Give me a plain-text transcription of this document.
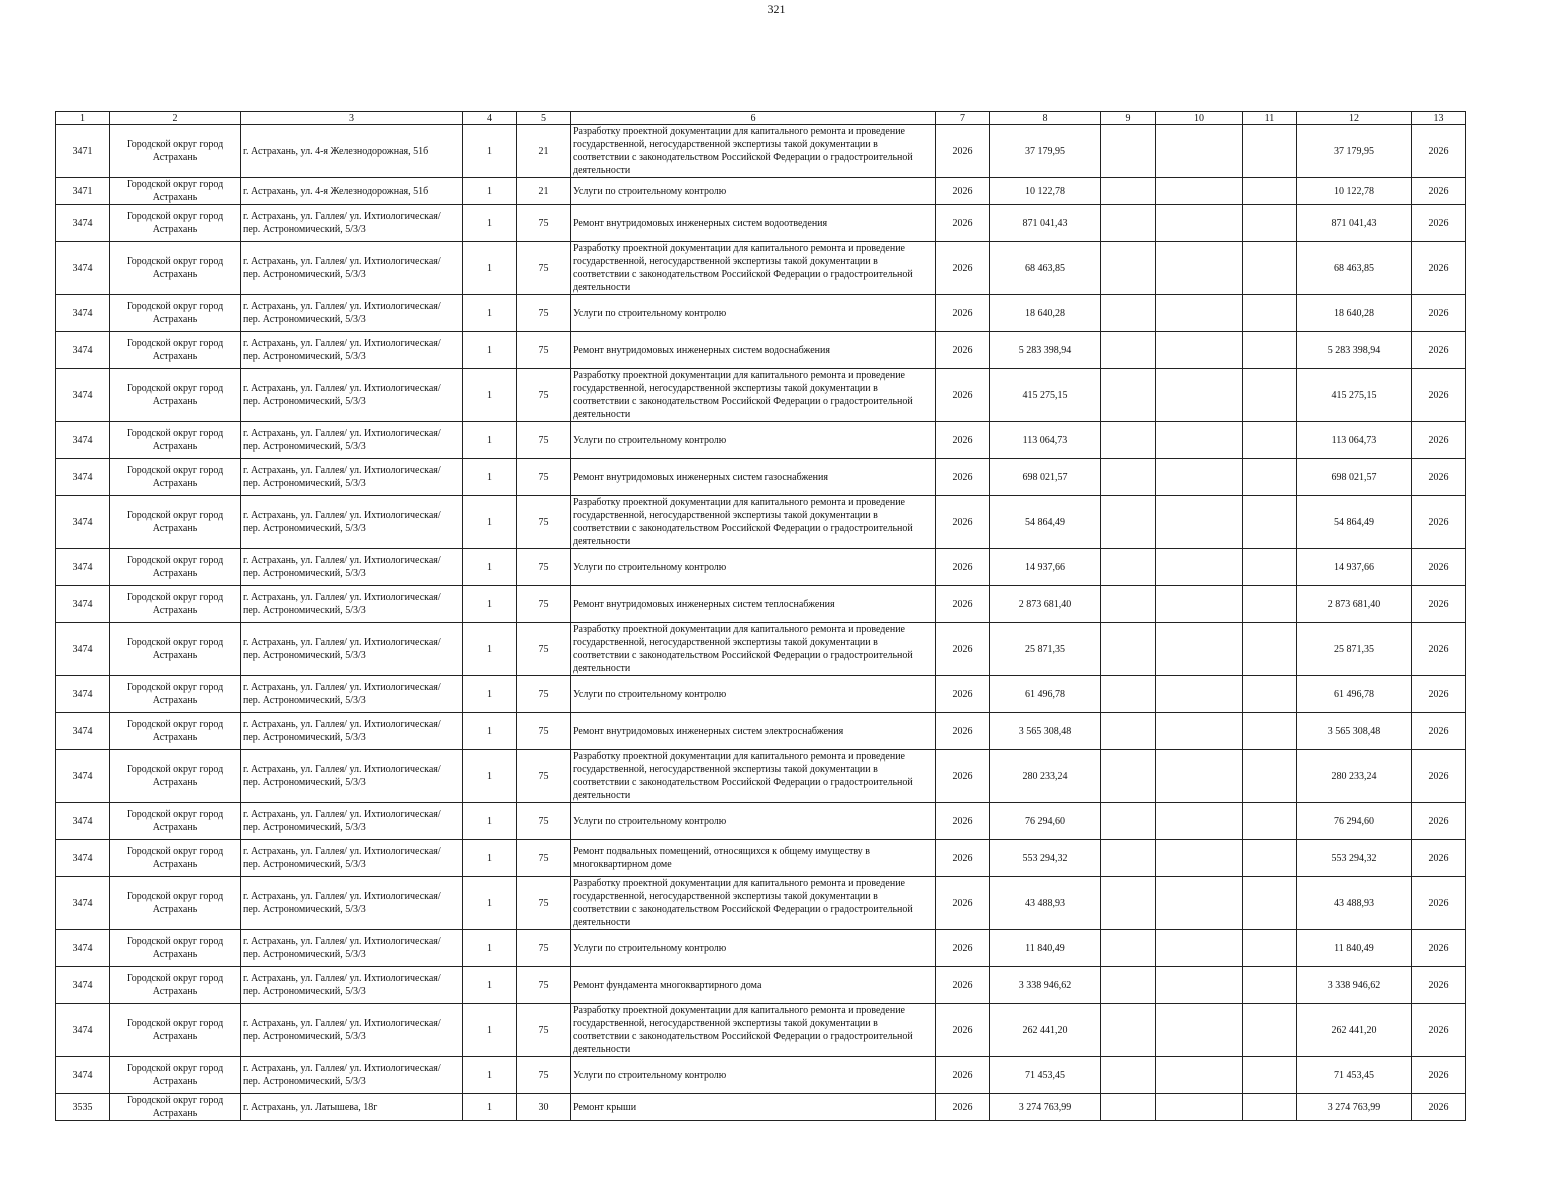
321
1	2	3	4	5	6	7	8	9	10	11	12	13
3471	Городской округ город Астрахань	г. Астрахань, ул. 4-я Железнодорожная, 51б	1	21	Разработку проектной документации для капитального ремонта и проведение государственной, негосударственной экспертизы такой документации в соответствии с законодательством Российской Федерации о градостроительной деятельности	2026	37 179,95				37 179,95	2026
3471	Городской округ город Астрахань	г. Астрахань, ул. 4-я Железнодорожная, 51б	1	21	Услуги по строительному контролю	2026	10 122,78				10 122,78	2026
3474	Городской округ город Астрахань	г. Астрахань, ул. Галлея/ ул. Ихтиологическая/ пер. Астрономический, 5/3/3	1	75	Ремонт внутридомовых инженерных систем водоотведения	2026	871 041,43				871 041,43	2026
3474	Городской округ город Астрахань	г. Астрахань, ул. Галлея/ ул. Ихтиологическая/ пер. Астрономический, 5/3/3	1	75	Разработку проектной документации для капитального ремонта и проведение государственной, негосударственной экспертизы такой документации в соответствии с законодательством Российской Федерации о градостроительной деятельности	2026	68 463,85				68 463,85	2026
3474	Городской округ город Астрахань	г. Астрахань, ул. Галлея/ ул. Ихтиологическая/ пер. Астрономический, 5/3/3	1	75	Услуги по строительному контролю	2026	18 640,28				18 640,28	2026
3474	Городской округ город Астрахань	г. Астрахань, ул. Галлея/ ул. Ихтиологическая/ пер. Астрономический, 5/3/3	1	75	Ремонт внутридомовых инженерных систем водоснабжения	2026	5 283 398,94				5 283 398,94	2026
3474	Городской округ город Астрахань	г. Астрахань, ул. Галлея/ ул. Ихтиологическая/ пер. Астрономический, 5/3/3	1	75	Разработку проектной документации для капитального ремонта и проведение государственной, негосударственной экспертизы такой документации в соответствии с законодательством Российской Федерации о градостроительной деятельности	2026	415 275,15				415 275,15	2026
3474	Городской округ город Астрахань	г. Астрахань, ул. Галлея/ ул. Ихтиологическая/ пер. Астрономический, 5/3/3	1	75	Услуги по строительному контролю	2026	113 064,73				113 064,73	2026
3474	Городской округ город Астрахань	г. Астрахань, ул. Галлея/ ул. Ихтиологическая/ пер. Астрономический, 5/3/3	1	75	Ремонт внутридомовых инженерных систем газоснабжения	2026	698 021,57				698 021,57	2026
3474	Городской округ город Астрахань	г. Астрахань, ул. Галлея/ ул. Ихтиологическая/ пер. Астрономический, 5/3/3	1	75	Разработку проектной документации для капитального ремонта и проведение государственной, негосударственной экспертизы такой документации в соответствии с законодательством Российской Федерации о градостроительной деятельности	2026	54 864,49				54 864,49	2026
3474	Городской округ город Астрахань	г. Астрахань, ул. Галлея/ ул. Ихтиологическая/ пер. Астрономический, 5/3/3	1	75	Услуги по строительному контролю	2026	14 937,66				14 937,66	2026
3474	Городской округ город Астрахань	г. Астрахань, ул. Галлея/ ул. Ихтиологическая/ пер. Астрономический, 5/3/3	1	75	Ремонт внутридомовых инженерных систем теплоснабжения	2026	2 873 681,40				2 873 681,40	2026
3474	Городской округ город Астрахань	г. Астрахань, ул. Галлея/ ул. Ихтиологическая/ пер. Астрономический, 5/3/3	1	75	Разработку проектной документации для капитального ремонта и проведение государственной, негосударственной экспертизы такой документации в соответствии с законодательством Российской Федерации о градостроительной деятельности	2026	25 871,35				25 871,35	2026
3474	Городской округ город Астрахань	г. Астрахань, ул. Галлея/ ул. Ихтиологическая/ пер. Астрономический, 5/3/3	1	75	Услуги по строительному контролю	2026	61 496,78				61 496,78	2026
3474	Городской округ город Астрахань	г. Астрахань, ул. Галлея/ ул. Ихтиологическая/ пер. Астрономический, 5/3/3	1	75	Ремонт внутридомовых инженерных систем электроснабжения	2026	3 565 308,48				3 565 308,48	2026
3474	Городской округ город Астрахань	г. Астрахань, ул. Галлея/ ул. Ихтиологическая/ пер. Астрономический, 5/3/3	1	75	Разработку проектной документации для капитального ремонта и проведение государственной, негосударственной экспертизы такой документации в соответствии с законодательством Российской Федерации о градостроительной деятельности	2026	280 233,24				280 233,24	2026
3474	Городской округ город Астрахань	г. Астрахань, ул. Галлея/ ул. Ихтиологическая/ пер. Астрономический, 5/3/3	1	75	Услуги по строительному контролю	2026	76 294,60				76 294,60	2026
3474	Городской округ город Астрахань	г. Астрахань, ул. Галлея/ ул. Ихтиологическая/ пер. Астрономический, 5/3/3	1	75	Ремонт подвальных помещений, относящихся к общему имуществу в многоквартирном доме	2026	553 294,32				553 294,32	2026
3474	Городской округ город Астрахань	г. Астрахань, ул. Галлея/ ул. Ихтиологическая/ пер. Астрономический, 5/3/3	1	75	Разработку проектной документации для капитального ремонта и проведение государственной, негосударственной экспертизы такой документации в соответствии с законодательством Российской Федерации о градостроительной деятельности	2026	43 488,93				43 488,93	2026
3474	Городской округ город Астрахань	г. Астрахань, ул. Галлея/ ул. Ихтиологическая/ пер. Астрономический, 5/3/3	1	75	Услуги по строительному контролю	2026	11 840,49				11 840,49	2026
3474	Городской округ город Астрахань	г. Астрахань, ул. Галлея/ ул. Ихтиологическая/ пер. Астрономический, 5/3/3	1	75	Ремонт фундамента многоквартирного дома	2026	3 338 946,62				3 338 946,62	2026
3474	Городской округ город Астрахань	г. Астрахань, ул. Галлея/ ул. Ихтиологическая/ пер. Астрономический, 5/3/3	1	75	Разработку проектной документации для капитального ремонта и проведение государственной, негосударственной экспертизы такой документации в соответствии с законодательством Российской Федерации о градостроительной деятельности	2026	262 441,20				262 441,20	2026
3474	Городской округ город Астрахань	г. Астрахань, ул. Галлея/ ул. Ихтиологическая/ пер. Астрономический, 5/3/3	1	75	Услуги по строительному контролю	2026	71 453,45				71 453,45	2026
3535	Городской округ город Астрахань	г. Астрахань, ул. Латышева, 18г	1	30	Ремонт крыши	2026	3 274 763,99				3 274 763,99	2026
